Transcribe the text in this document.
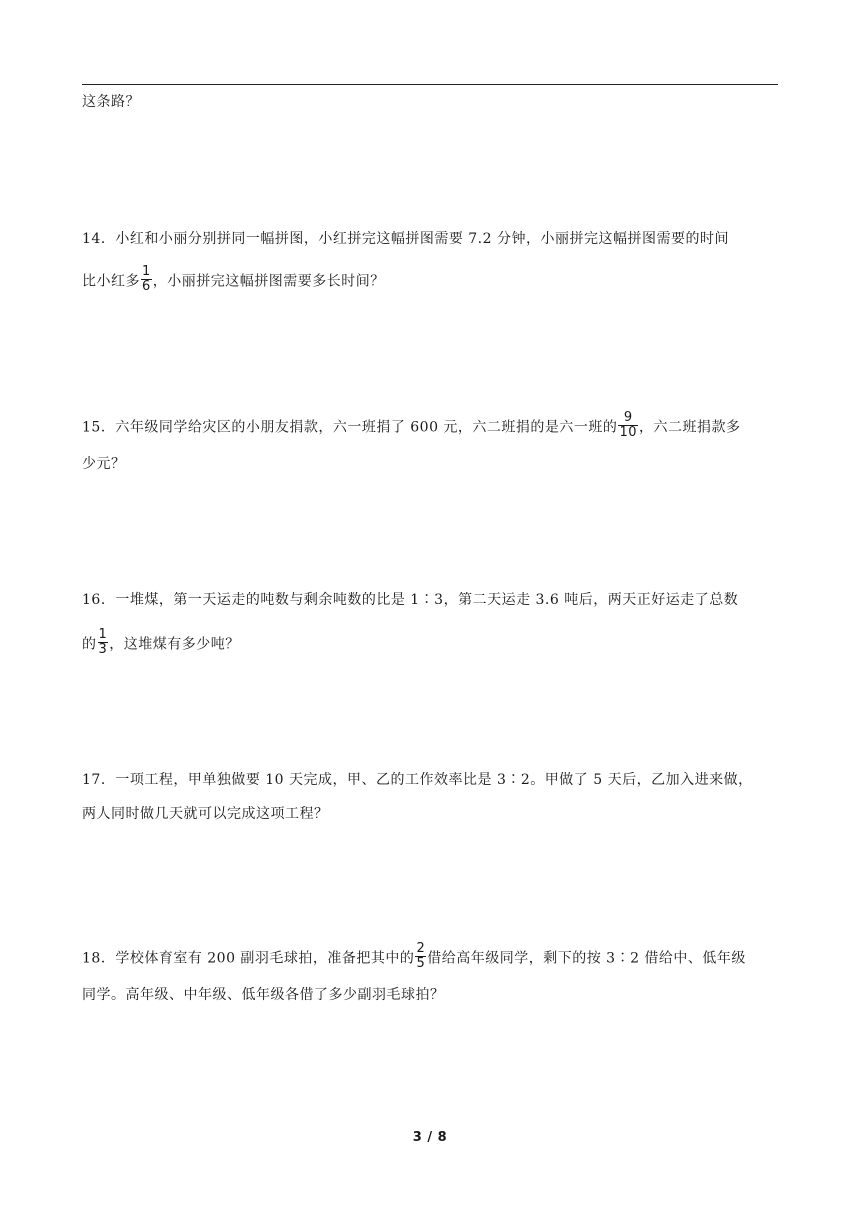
这条路？
14．小红和小丽分别拼同一幅拼图，小红拼完这幅拼图需要 7.2 分钟，小丽拼完这幅拼图需要的时间
比小红多 $\frac{1}{6}$ ，小丽拼完这幅拼图需要多长时间？
15．六年级同学给灾区的小朋友捐款，六一班捐了 600 元，六二班捐的是六一班的 $\frac{9}{10}$ ，六二班捐款多
少元？
16．一堆煤，第一天运走的吨数与剩余吨数的比是 1∶3，第二天运走 3.6 吨后，两天正好运走了总数
的 $\frac{1}{3}$ ，这堆煤有多少吨？
17．一项工程，甲单独做要 10 天完成，甲、乙的工作效率比是 3∶2。甲做了 5 天后，乙加入进来做，
两人同时做几天就可以完成这项工程？
18．学校体育室有 200 副羽毛球拍，准备把其中的 $\frac{2}{5}$ 借给高年级同学，剩下的按 3∶2 借给中、低年级
同学。高年级、中年级、低年级各借了多少副羽毛球拍？
3 / 8
